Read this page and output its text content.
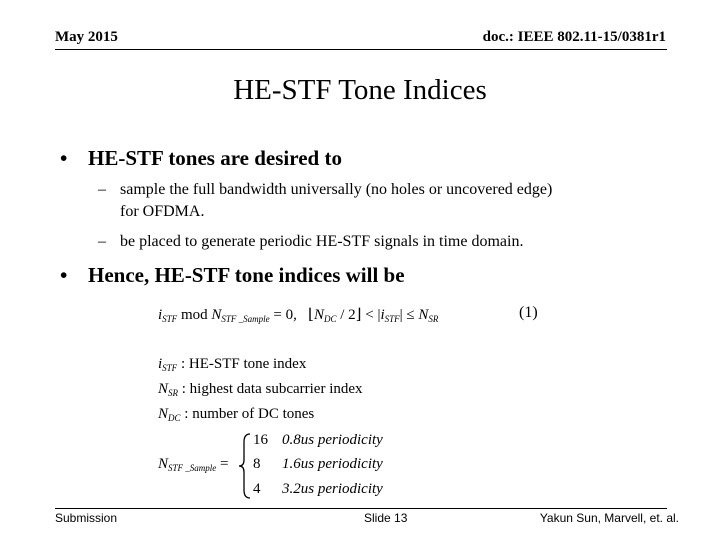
May 2015	doc.: IEEE 802.11-15/0381r1
HE-STF Tone Indices
• HE-STF tones are desired to
– sample the full bandwidth universally (no holes or uncovered edge)
for OFDMA.
– be placed to generate periodic HE-STF signals in time domain.
• Hence, HE-STF tone indices will be
$i_{STF}$ mod $N_{STF \_Sample} = 0$,   $⌊N_{DC}$ / 2⌋ < $|i_{STF}| \le N_{SR}$	(1)
$i_{STF}$ : HE-STF tone index
$N_{SR}$ : highest data subcarrier index
$N_{DC}$ : number of DC tones
$N_{STF \_Sample}$ =
16 0.8us periodicity
8 1.6us periodicity
4 3.2us periodicity
Submission	Slide 13	Yakun Sun, Marvell, et. al.
